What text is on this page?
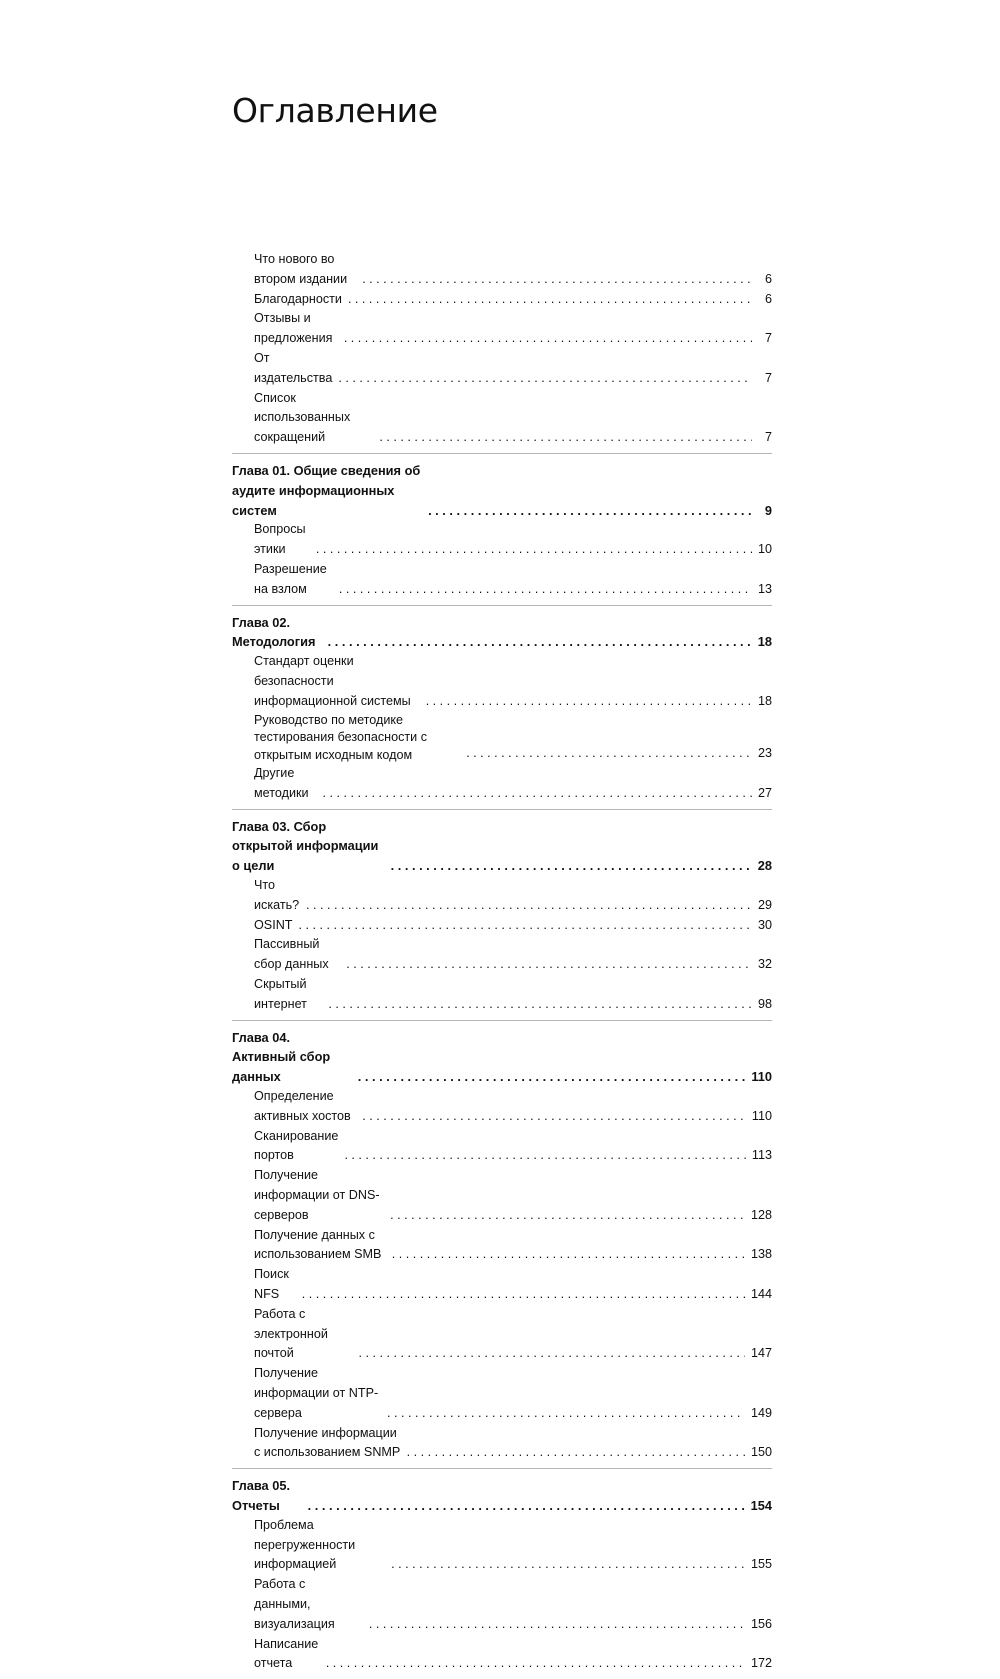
Оглавление
Что нового во втором издании . . .	6
Благодарности . . .	6
Отзывы и предложения . . .	7
От издательства . . .	7
Список использованных сокращений . . .	7
Глава 01. Общие сведения об аудите информационных систем . . .	9
Вопросы этики . . .	10
Разрешение на взлом . . .	13
Глава 02. Методология . . .	18
Стандарт оценки безопасности информационной системы . . .	18
Руководство по методике тестирования безопасности с открытым исходным кодом . . .	23
Другие методики . . .	27
Глава 03. Сбор открытой информации о цели . . .	28
Что искать? . . .	29
OSINT . . .	30
Пассивный сбор данных . . .	32
Скрытый интернет . . .	98
Глава 04. Активный сбор данных . . .	110
Определение активных хостов . . .	110
Сканирование портов . . .	113
Получение информации от DNS-серверов . . .	128
Получение данных с использованием SMB . . .	138
Поиск NFS . . .	144
Работа с электронной почтой . . .	147
Получение информации от NTP-сервера . . .	149
Получение информации с использованием SNMP . . .	150
Глава 05. Отчеты . . .	154
Проблема перегруженности информацией . . .	155
Работа с данными, визуализация . . .	156
Написание отчета . . .	172
